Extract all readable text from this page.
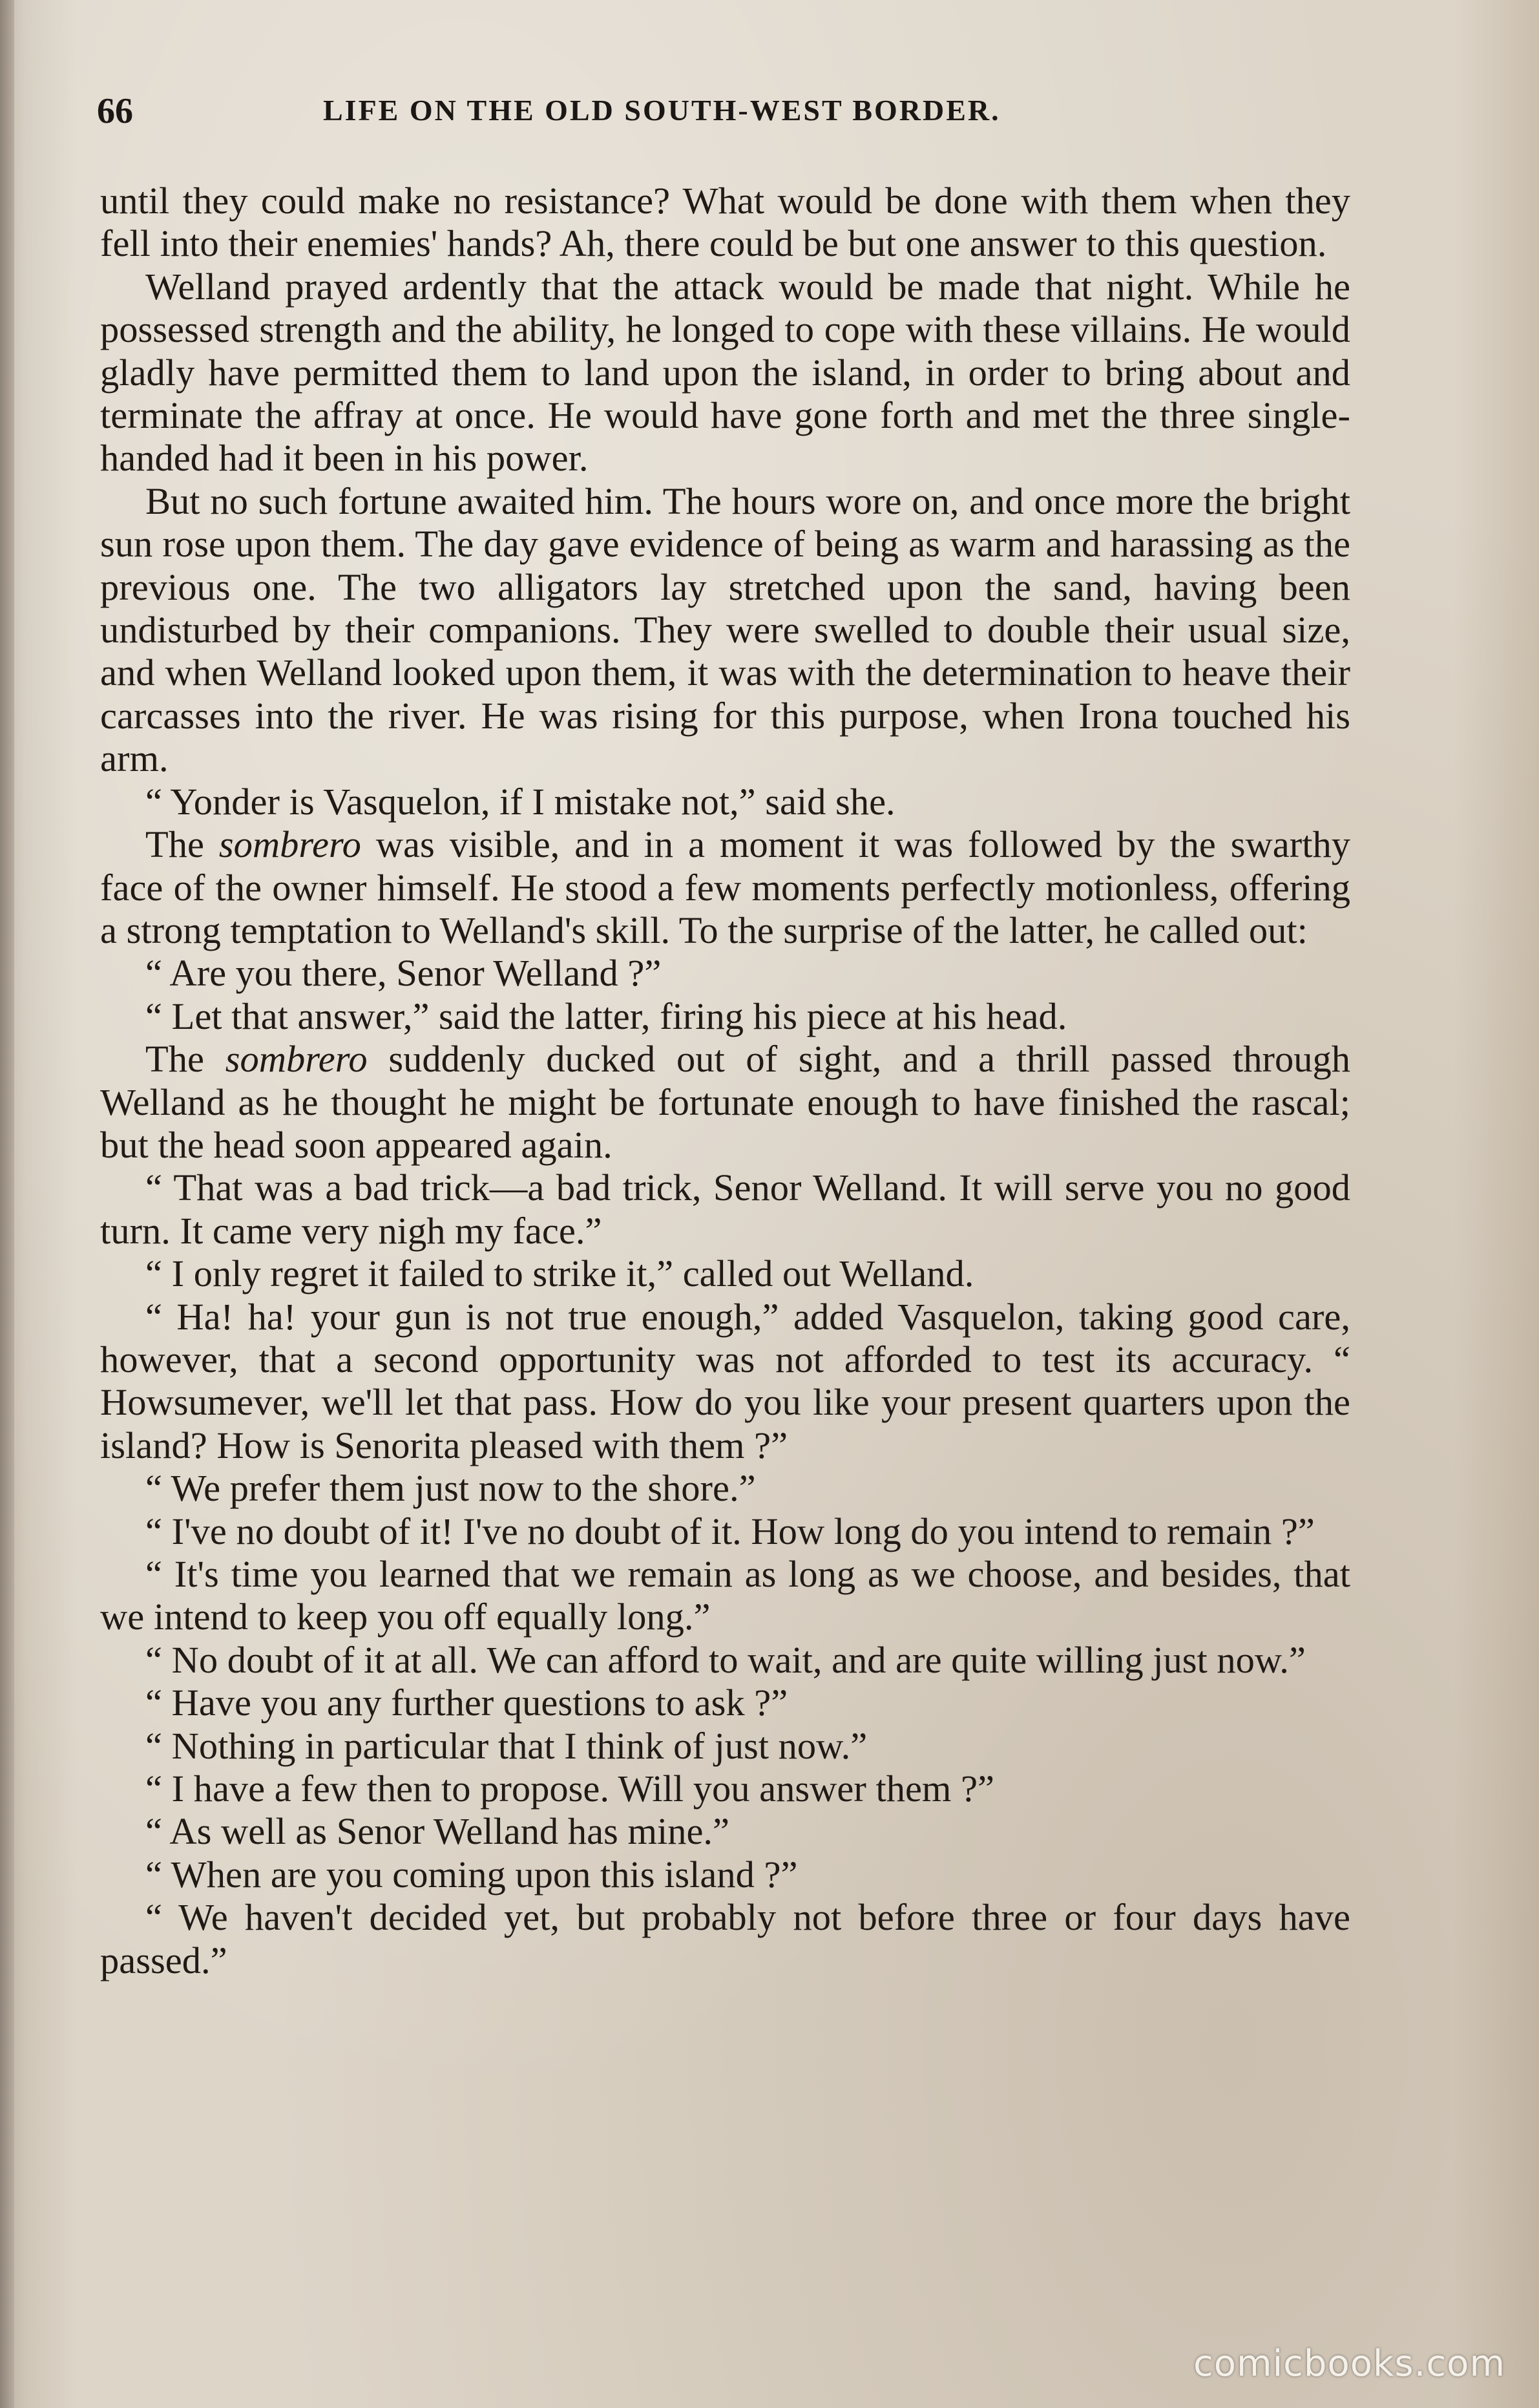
66	LIFE ON THE OLD SOUTH-WEST BORDER.

until they could make no resistance? What would be done with them when they fell into their enemies' hands? Ah, there could be but one answer to this question.

Welland prayed ardently that the attack would be made that night. While he possessed strength and the ability, he longed to cope with these villains. He would gladly have permitted them to land upon the island, in order to bring about and terminate the affray at once. He would have gone forth and met the three single-handed had it been in his power.

But no such fortune awaited him. The hours wore on, and once more the bright sun rose upon them. The day gave evidence of being as warm and harassing as the previous one. The two alligators lay stretched upon the sand, having been undisturbed by their companions. They were swelled to double their usual size, and when Welland looked upon them, it was with the determination to heave their carcasses into the river. He was rising for this purpose, when Irona touched his arm.

“ Yonder is Vasquelon, if I mistake not,” said she.

The sombrero was visible, and in a moment it was followed by the swarthy face of the owner himself. He stood a few moments perfectly motionless, offering a strong temptation to Welland's skill. To the surprise of the latter, he called out:

“ Are you there, Senor Welland ?”

“ Let that answer,” said the latter, firing his piece at his head.

The sombrero suddenly ducked out of sight, and a thrill passed through Welland as he thought he might be fortunate enough to have finished the rascal; but the head soon appeared again.

“ That was a bad trick—a bad trick, Senor Welland. It will serve you no good turn. It came very nigh my face.”

“ I only regret it failed to strike it,” called out Welland.

“ Ha! ha! your gun is not true enough,” added Vasquelon, taking good care, however, that a second opportunity was not afforded to test its accuracy. “ Howsumever, we'll let that pass. How do you like your present quarters upon the island? How is Senorita pleased with them ?”

“ We prefer them just now to the shore.”

“ I've no doubt of it! I've no doubt of it. How long do you intend to remain ?”

“ It's time you learned that we remain as long as we choose, and besides, that we intend to keep you off equally long.”

“ No doubt of it at all. We can afford to wait, and are quite willing just now.”

“ Have you any further questions to ask ?”

“ Nothing in particular that I think of just now.”

“ I have a few then to propose. Will you answer them ?”

“ As well as Senor Welland has mine.”

“ When are you coming upon this island ?”

“ We haven't decided yet, but probably not before three or four days have passed.”

comicbooks.com
